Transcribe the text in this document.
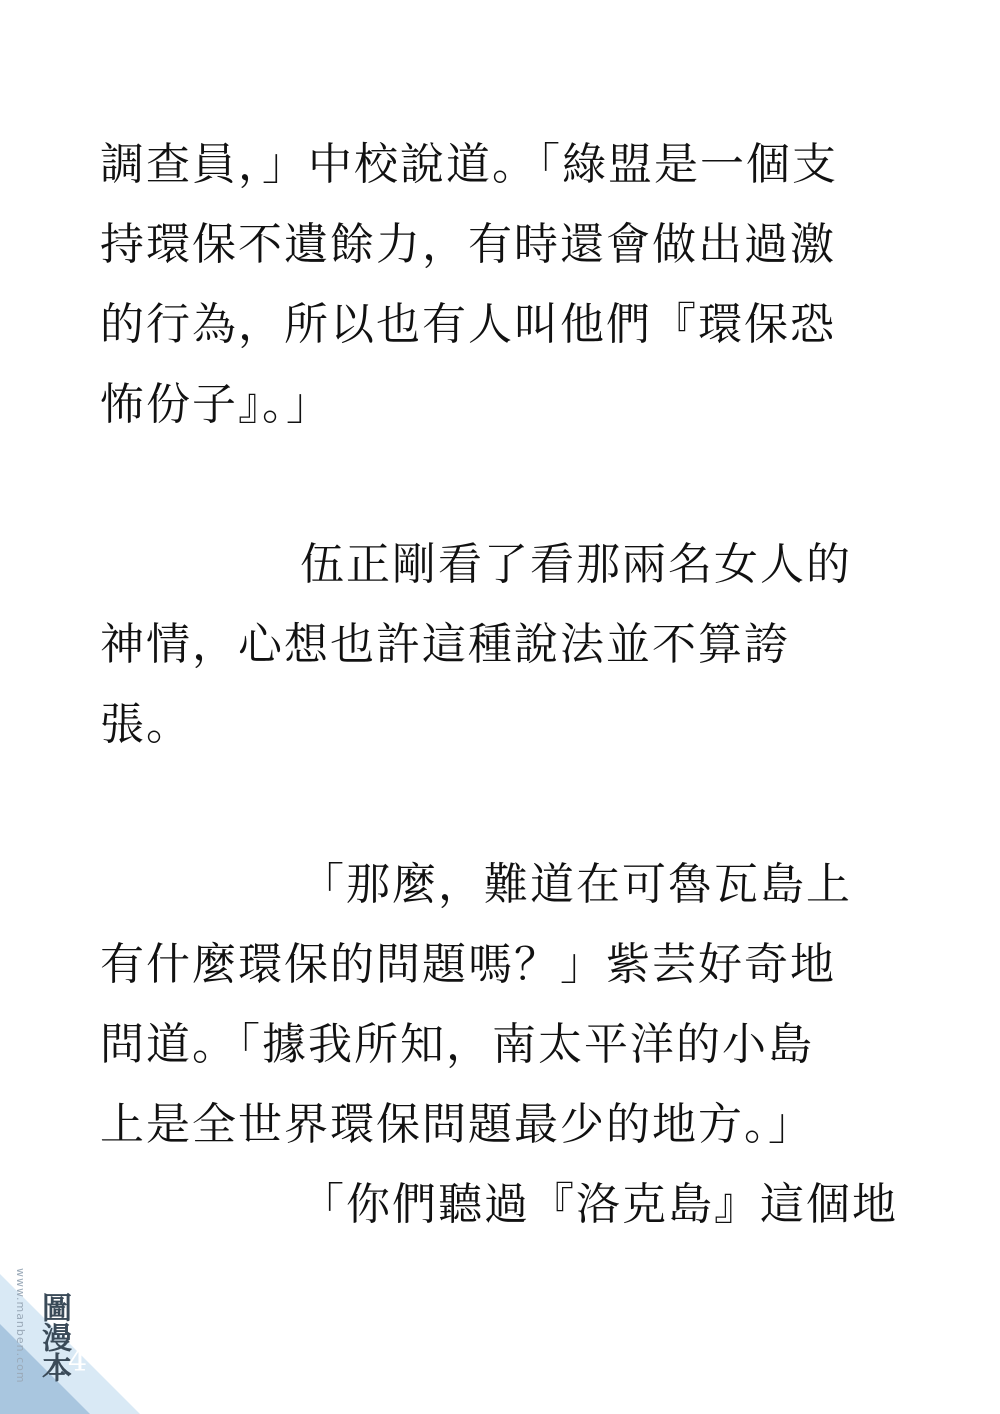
調查員，」中校說道。「綠盟是一個支
持環保不遺餘力，有時還會做出過激
的行為，所以也有人叫他們『環保恐
怖份子』。」
伍正剛看了看那兩名女人的
神情，心想也許這種說法並不算誇
張。
「那麼，難道在可魯瓦島上
有什麼環保的問題嗎？」紫芸好奇地
問道。「據我所知，南太平洋的小島
上是全世界環保問題最少的地方。」
「你們聽過『洛克島』這個地
www.manben.com 圖漫本
4
